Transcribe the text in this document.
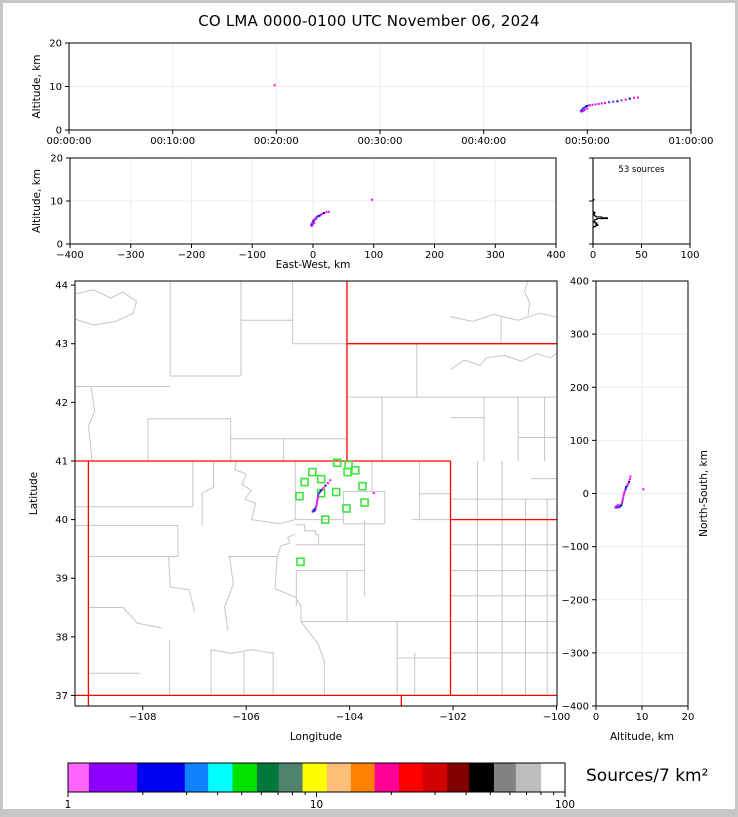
CO LMA 0000-0100 UTC November 06, 2024
00:00:00	00:10:00	00:20:00	00:30:00	00:40:00	00:50:00	01:00:00
0
10
20
Altitude, km
−400	−300	−200	−100	0	100	200	300	400
0
10
20
East-West, km
Altitude, km	53 sources
0	50	100
−108	−106	−104	−102	−100
37
38
39
40
41
42
43
44
Longitude
Latitude
0	10	20
400
300
200
100
0
−100
−200
−300
−400
Altitude, km
North-South, km
1	10	100
Sources/7 km²
